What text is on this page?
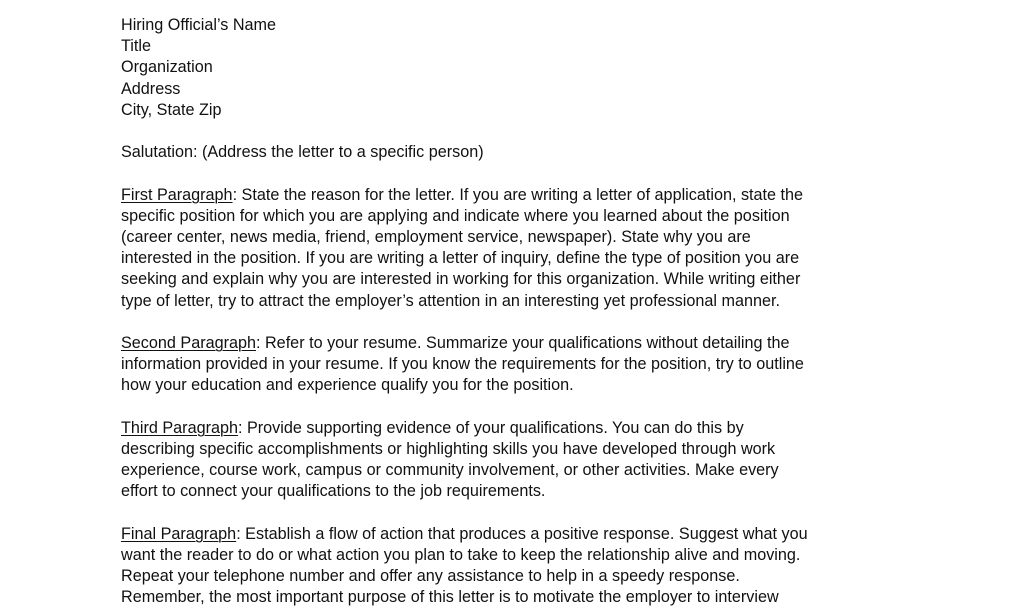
Hiring Official’s Name
Title
Organization
Address
City, State Zip
Salutation: (Address the letter to a specific person)
First Paragraph: State the reason for the letter. If you are writing a letter of application, state the
specific position for which you are applying and indicate where you learned about the position
(career center, news media, friend, employment service, newspaper). State why you are
interested in the position. If you are writing a letter of inquiry, define the type of position you are
seeking and explain why you are interested in working for this organization. While writing either
type of letter, try to attract the employer’s attention in an interesting yet professional manner.
Second Paragraph: Refer to your resume. Summarize your qualifications without detailing the
information provided in your resume. If you know the requirements for the position, try to outline
how your education and experience qualify you for the position.
Third Paragraph: Provide supporting evidence of your qualifications. You can do this by
describing specific accomplishments or highlighting skills you have developed through work
experience, course work, campus or community involvement, or other activities. Make every
effort to connect your qualifications to the job requirements.
Final Paragraph: Establish a flow of action that produces a positive response. Suggest what you
want the reader to do or what action you plan to take to keep the relationship alive and moving.
Repeat your telephone number and offer any assistance to help in a speedy response.
Remember, the most important purpose of this letter is to motivate the employer to interview
